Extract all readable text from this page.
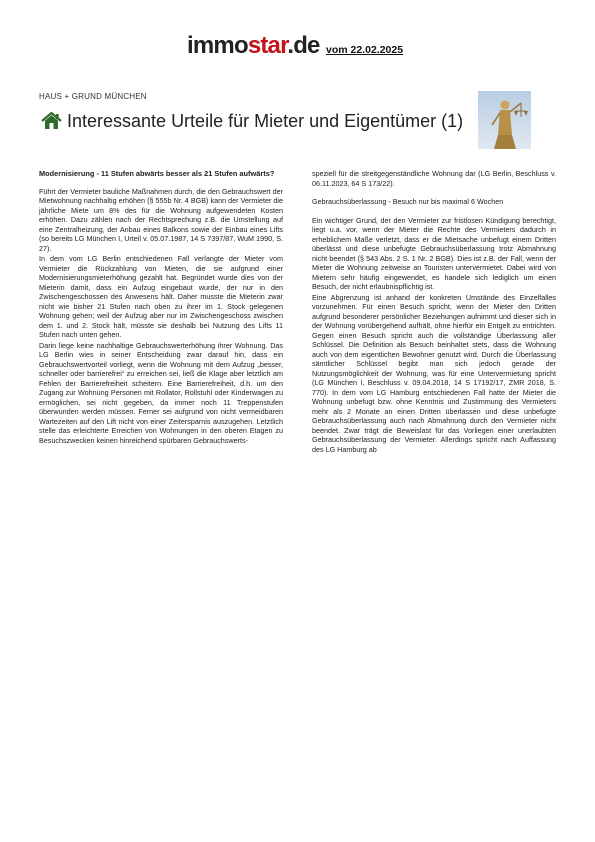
immostar.de vom 22.02.2025
HAUS + GRUND MÜNCHEN
Interessante Urteile für Mieter und Eigentümer (1)
Modernisierung - 11 Stufen abwärts besser als 21 Stufen aufwärts?

Führt der Vermieter bauliche Maßnahmen durch, die den Gebrauchswert der Mietwohnung nachhaltig erhöhen (§ 555b Nr. 4 BGB) kann der Vermieter die jährliche Miete um 8% des für die Wohnung aufgewendeten Kosten erhöhen. Dazu zählen nach der Rechtsprechung z.B. die Umstellung auf eine Zentralheizung, der Anbau eines Balkons sowie der Einbau eines Lifts (so bereits LG München I, Urteil v. 05.07.1987, 14 S 7397/87, WuM 1990, S. 27).

In dem vom LG Berlin entschiedenen Fall verlangte der Mieter vom Vermieter die Rückzahlung von Mieten, die sie aufgrund einer Modernisierungsmieterhöhung gezahlt hat. Begründet wurde dies von der Mieterin damit, dass ein Aufzug eingebaut wurde, der nur in den Zwischengeschossen des Anwesens hält. Daher musste die Mieterin zwar nicht wie bisher 21 Stufen nach oben zu ihrer im 1. Stock gelegenen Wohnung gehen; weil der Aufzug aber nur im Zwischengeschoss zwischen dem 1. und 2. Stock hält, müsste sie deshalb bei Nutzung des Lifts 11 Stufen nach unten gehen.

Darin liege keine nachhaltige Gebrauchswerterhöhung ihrer Wohnung. Das LG Berlin wies in seiner Entscheidung zwar darauf hin, dass ein Gebrauchswertvorteil vorliegt, wenn die Wohnung mit dem Aufzug „besser, schneller oder barrierefrei“ zu erreichen sei, ließ die Klage aber letztlich am Fehlen der Barrierefreiheit scheitern. Eine Barrierefreiheit, d.h. um den Zugang zur Wohnung Personen mit Rollator, Rollstuhl oder Kinderwagen zu ermöglichen, sei nicht gegeben, da immer noch 11 Treppenstufen überwunden werden müssen. Ferner sei aufgrund von nicht vermeidbaren Wartezeiten auf den Lift nicht von einer Zeitersparnis auszugehen. Letztlich stelle das erleichterte Erreichen von Wohnungen in den oberen Etagen zu Besuchszwecken keinen hinreichend spürbaren Gebrauchswerts-

speziell für die streitgegenständliche Wohnung dar (LG Berlin, Beschluss v. 06.11.2023, 64 S 173/22).

Gebrauchsüberlassung - Besuch nur bis maximal 6 Wochen

Ein wichtiger Grund, der den Vermieter zur fristlosen Kündigung berechtigt, liegt u.a. vor, wenn der Mieter die Rechte des Vermieters dadurch in erheblichem Maße verletzt, dass er die Mietsache unbefugt einem Dritten überlässt und diese unbefugte Gebrauchsüberlassung trotz Abmahnung nicht beendet (§ 543 Abs. 2 S. 1 Nr. 2 BGB). Dies ist z.B. der Fall, wenn der Mieter die Wohnung zeitweise an Touristen untervermietet. Dabei wird von Mietern sehr häufig eingewendet, es handele sich lediglich um einen Besuch, der nicht erlaubnispflichtig ist.

Eine Abgrenzung ist anhand der konkreten Umstände des Einzelfalles vorzunehmen. Für einen Besuch spricht, wenn der Mieter den Dritten aufgrund besonderer persönlicher Beziehungen aufnimmt und dieser sich in der Wohnung vorübergehend aufhält, ohne hierfür ein Entgelt zu entrichten. Gegen einen Besuch spricht auch die vollständige Überlassung aller Schlüssel. Die Definition als Besuch beinhaltet stets, dass die Wohnung auch von dem eigentlichen Bewohner genutzt wird. Durch die Überlassung sämtlicher Schlüssel begibt man sich jedoch gerade der Nutzungsmöglichkeit der Wohnung, was für eine Untervermietung spricht (LG München I, Beschluss v. 09.04.2018, 14 S 17192/17, ZMR 2018, S. 770). In dem vom LG Hamburg entschiedenen Fall hatte der Mieter die Wohnung unbefugt bzw. ohne Kenntnis und Zustimmung des Vermieters mehr als 2 Monate an einen Dritten überlassen und diese unbefugte Gebrauchsüberlassung auch nach Abmahnung durch den Vermieter nicht beendet. Zwar trägt die Beweislast für das Vorliegen einer unerlaubten Gebrauchsüberlassung der Vermieter. Allerdings spricht nach Auffassung des LG Hamburg ab
